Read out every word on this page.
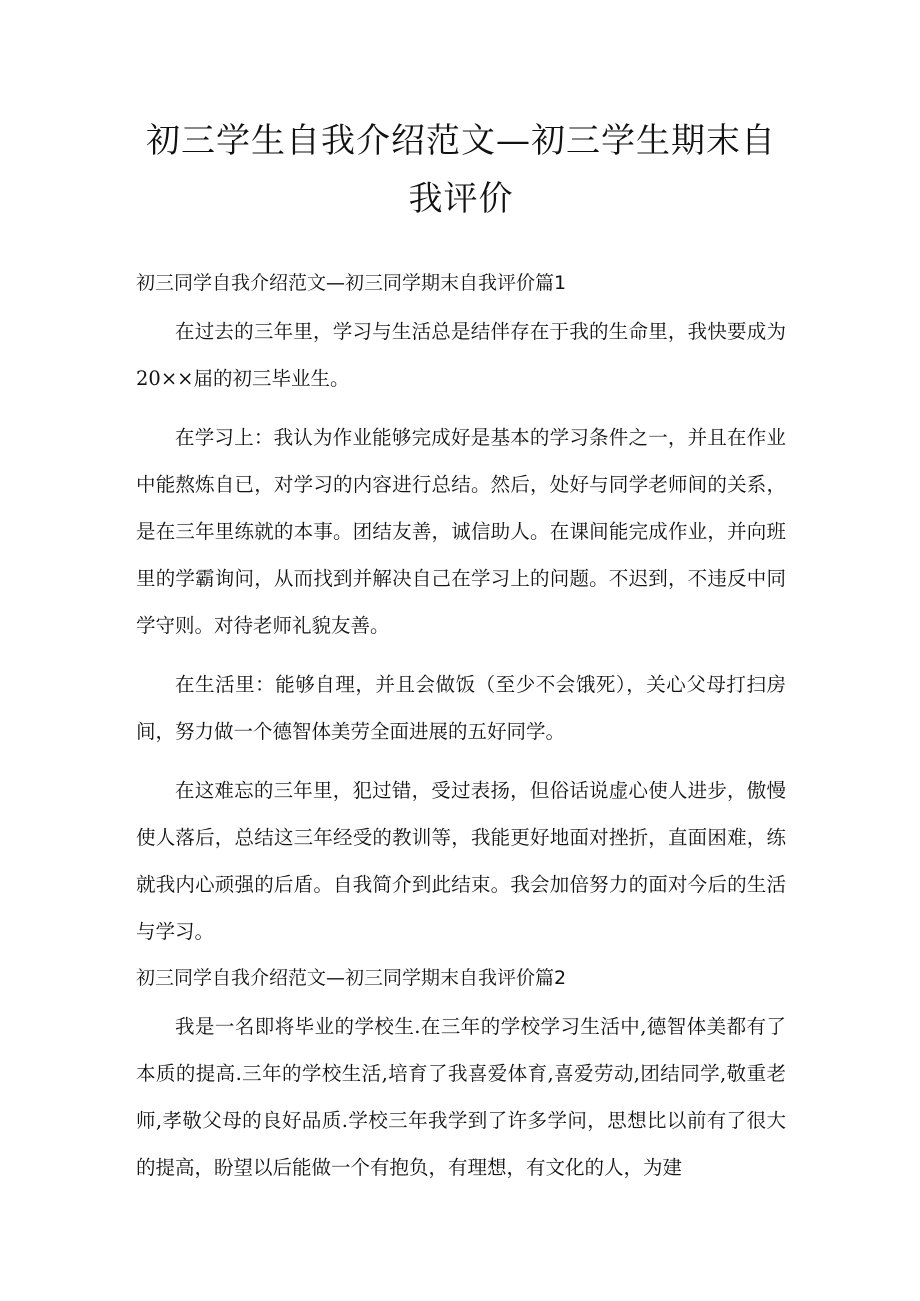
初三学生自我介绍范文—初三学生期末自我评价
初三同学自我介绍范文—初三同学期末自我评价篇1

在过去的三年里，学习与生活总是结伴存在于我的生命里，我快要成为20××届的初三毕业生。

在学习上：我认为作业能够完成好是基本的学习条件之一，并且在作业中能熬炼自已，对学习的内容进行总结。然后，处好与同学老师间的关系，是在三年里练就的本事。团结友善，诚信助人。在课间能完成作业，并向班里的学霸询问，从而找到并解决自己在学习上的问题。不迟到，不违反中同学守则。对待老师礼貌友善。

在生活里：能够自理，并且会做饭（至少不会饿死），关心父母打扫房间，努力做一个德智体美劳全面进展的五好同学。

在这难忘的三年里，犯过错，受过表扬，但俗话说虚心使人进步，傲慢使人落后，总结这三年经受的教训等，我能更好地面对挫折，直面困难，练就我内心顽强的后盾。自我简介到此结束。我会加倍努力的面对今后的生活与学习。

初三同学自我介绍范文—初三同学期末自我评价篇2

我是一名即将毕业的学校生.在三年的学校学习生活中,德智体美都有了本质的提高.三年的学校生活,培育了我喜爱体育,喜爱劳动,团结同学,敬重老师,孝敬父母的良好品质.学校三年我学到了许多学问，思想比以前有了很大的提高，盼望以后能做一个有抱负，有理想，有文化的人，为建
